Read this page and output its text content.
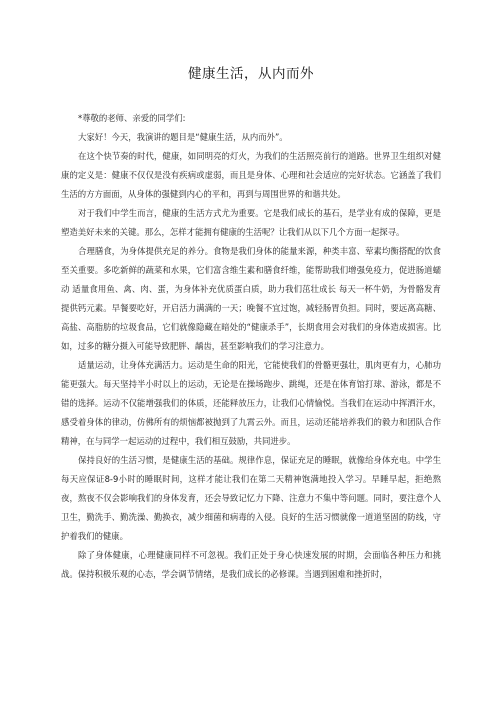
健康生活，从内而外

*尊敬的老师、亲爱的同学们:

大家好！今天，我演讲的题目是“健康生活，从内而外”。

在这个快节奏的时代，健康，如同明亮的灯火，为我们的生活照亮前行的道路。世界卫生组织对健康的定义是：健康不仅仅是没有疾病或虚弱，而且是身体、心理和社会适应的完好状态。它涵盖了我们生活的方方面面，从身体的强健到内心的平和，再到与周围世界的和谐共处。

对于我们中学生而言，健康的生活方式尤为重要。它是我们成长的基石，是学业有成的保障，更是塑造美好未来的关键。那么，怎样才能拥有健康的生活呢？让我们从以下几个方面一起探寻。

合理膳食，为身体提供充足的养分。食物是我们身体的能量来源，种类丰富、荤素均衡搭配的饮食至关重要。多吃新鲜的蔬菜和水果，它们富含维生素和膳食纤维，能帮助我们增强免疫力，促进肠道蠕动 适量食用鱼、禽、肉、蛋，为身体补充优质蛋白质，助力我们茁壮成长 每天一杯牛奶，为骨骼发育提供钙元素。早餐要吃好，开启活力满满的一天；晚餐不宜过饱，减轻肠胃负担。同时，要远离高糖、高盐、高脂肪的垃圾食品，它们就像隐藏在暗处的“健康杀手”，长期食用会对我们的身体造成损害。比如，过多的糖分摄入可能导致肥胖、龋齿，甚至影响我们的学习注意力。

适量运动，让身体充满活力。运动是生命的阳光，它能使我们的骨骼更强壮，肌肉更有力，心肺功能更强大。每天坚持半小时以上的运动，无论是在操场跑步、跳绳，还是在体育馆打球、游泳，都是不错的选择。运动不仅能增强我们的体质，还能释放压力，让我们心情愉悦。当我们在运动中挥洒汗水，感受着身体的律动，仿佛所有的烦恼都被抛到了九霄云外。而且，运动还能培养我们的毅力和团队合作精神，在与同学一起运动的过程中，我们相互鼓励，共同进步。

保持良好的生活习惯，是健康生活的基础。规律作息，保证充足的睡眠，就像给身体充电。中学生每天应保证8-9小时的睡眠时间，这样才能让我们在第二天精神饱满地投入学习。早睡早起，拒绝熬夜，熬夜不仅会影响我们的身体发育，还会导致记忆力下降、注意力不集中等问题。同时，要注意个人卫生，勤洗手、勤洗澡、勤换衣，减少细菌和病毒的入侵。良好的生活习惯就像一道道坚固的防线，守护着我们的健康。

除了身体健康，心理健康同样不可忽视。我们正处于身心快速发展的时期，会面临各种压力和挑战。保持积极乐观的心态，学会调节情绪，是我们成长的必修课。当遇到困难和挫折时，
